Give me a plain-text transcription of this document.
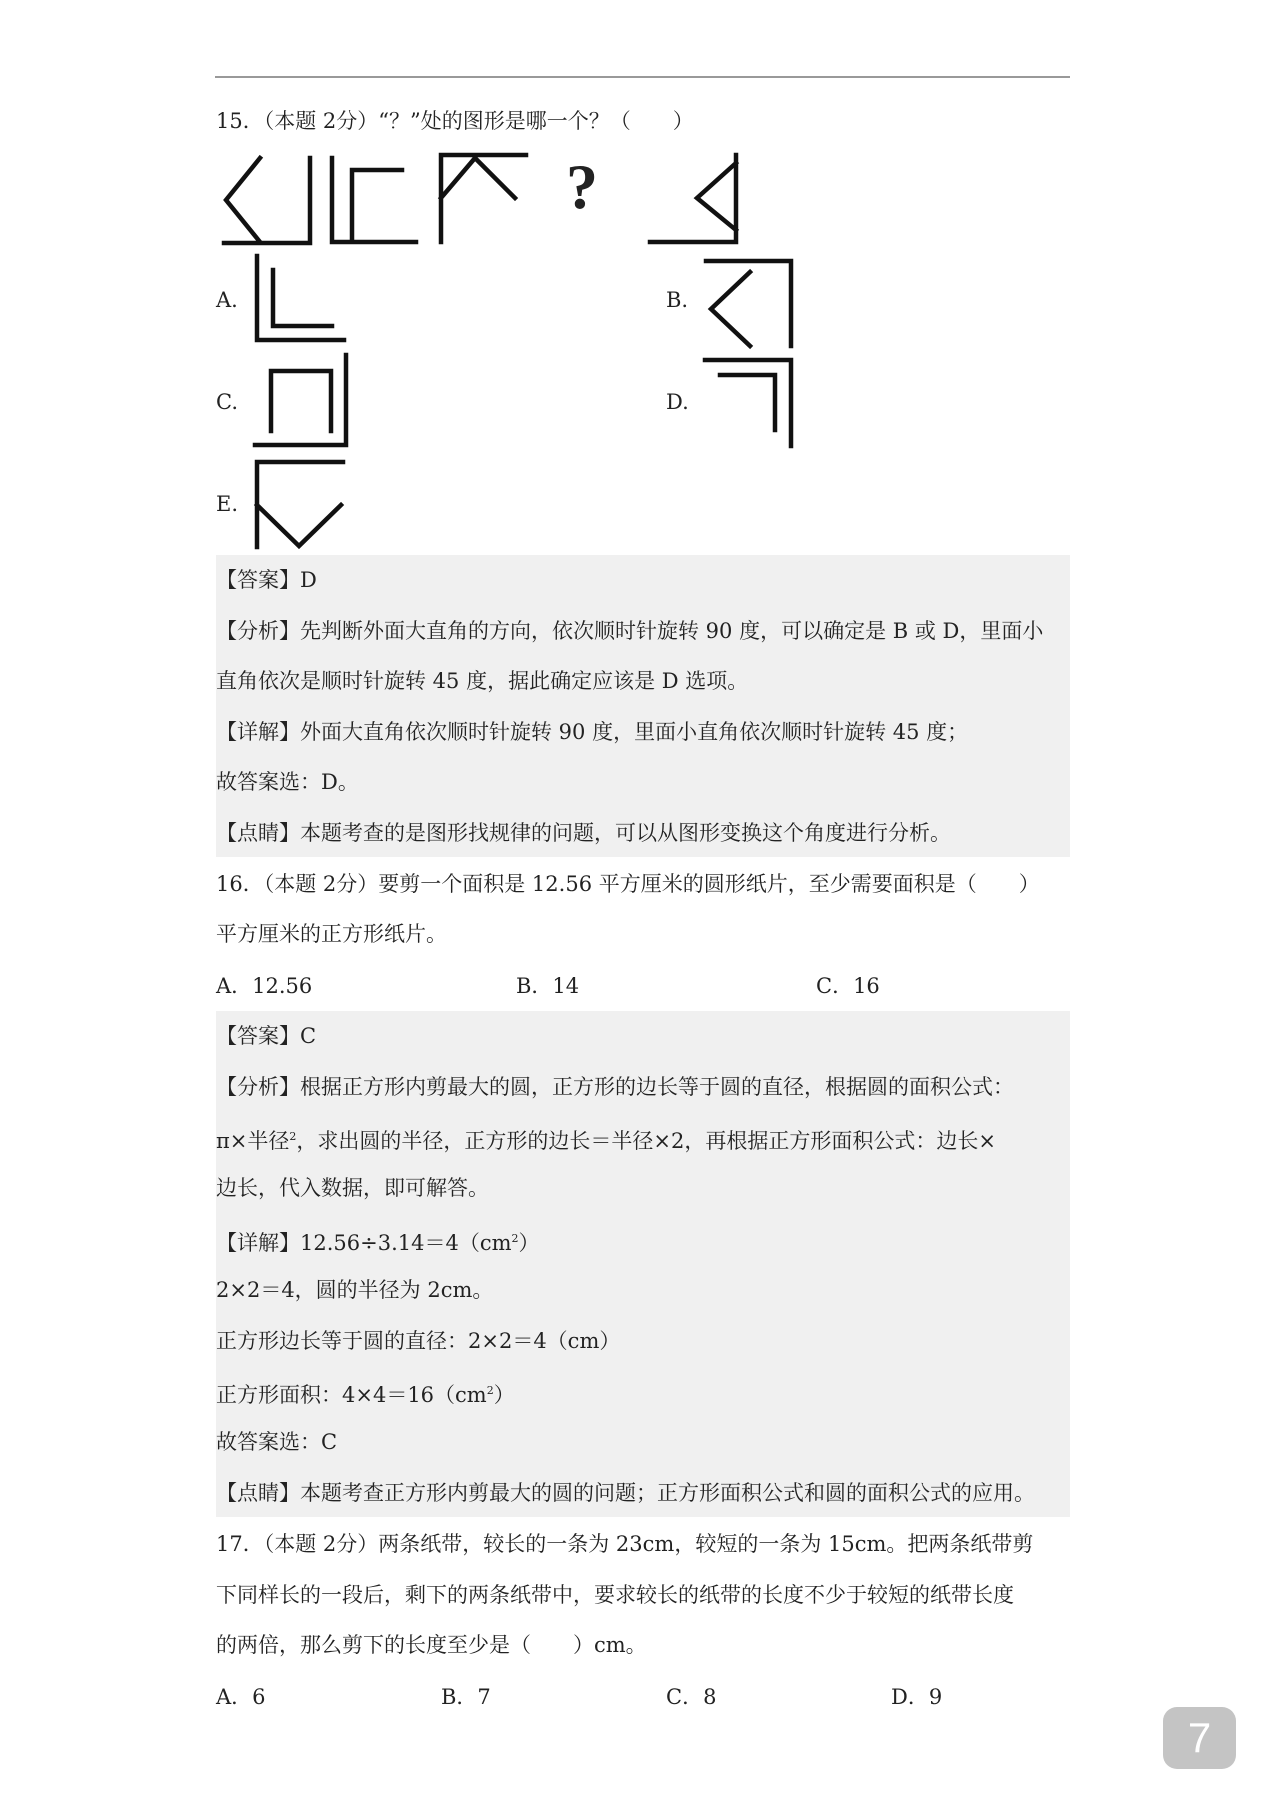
15．（本题 2分）“？”处的图形是哪一个？（　　）
?
A.	B.
C.	D.
E.
【答案】D
【分析】先判断外面大直角的方向，依次顺时针旋转 90 度，可以确定是 B 或 D，里面小
直角依次是顺时针旋转 45 度，据此确定应该是 D 选项。
【详解】外面大直角依次顺时针旋转 90 度，里面小直角依次顺时针旋转 45 度；
故答案选：D。
【点睛】本题考查的是图形找规律的问题，可以从图形变换这个角度进行分析。
16．（本题 2分）要剪一个面积是 12.56 平方厘米的圆形纸片，至少需要面积是（　　）
平方厘米的正方形纸片。
A．12.56	B．14	C．16
【答案】C
【分析】根据正方形内剪最大的圆，正方形的边长等于圆的直径，根据圆的面积公式：
π×半径$^2$，求出圆的半径，正方形的边长＝半径×2，再根据正方形面积公式：边长×
边长，代入数据，即可解答。
【详解】$12.56\div 3.14=4(cm^2)$
2×2＝4，圆的半径为 2cm。
正方形边长等于圆的直径：2×2＝4（cm）
正方形面积：$4\times 4=16(cm^2)$
故答案选：C
【点睛】本题考查正方形内剪最大的圆的问题；正方形面积公式和圆的面积公式的应用。
17．（本题 2分）两条纸带，较长的一条为 23cm，较短的一条为 15cm。把两条纸带剪
下同样长的一段后，剩下的两条纸带中，要求较长的纸带的长度不少于较短的纸带长度
的两倍，那么剪下的长度至少是（　　）cm。
A．6	B．7	C．8	D．9
7
